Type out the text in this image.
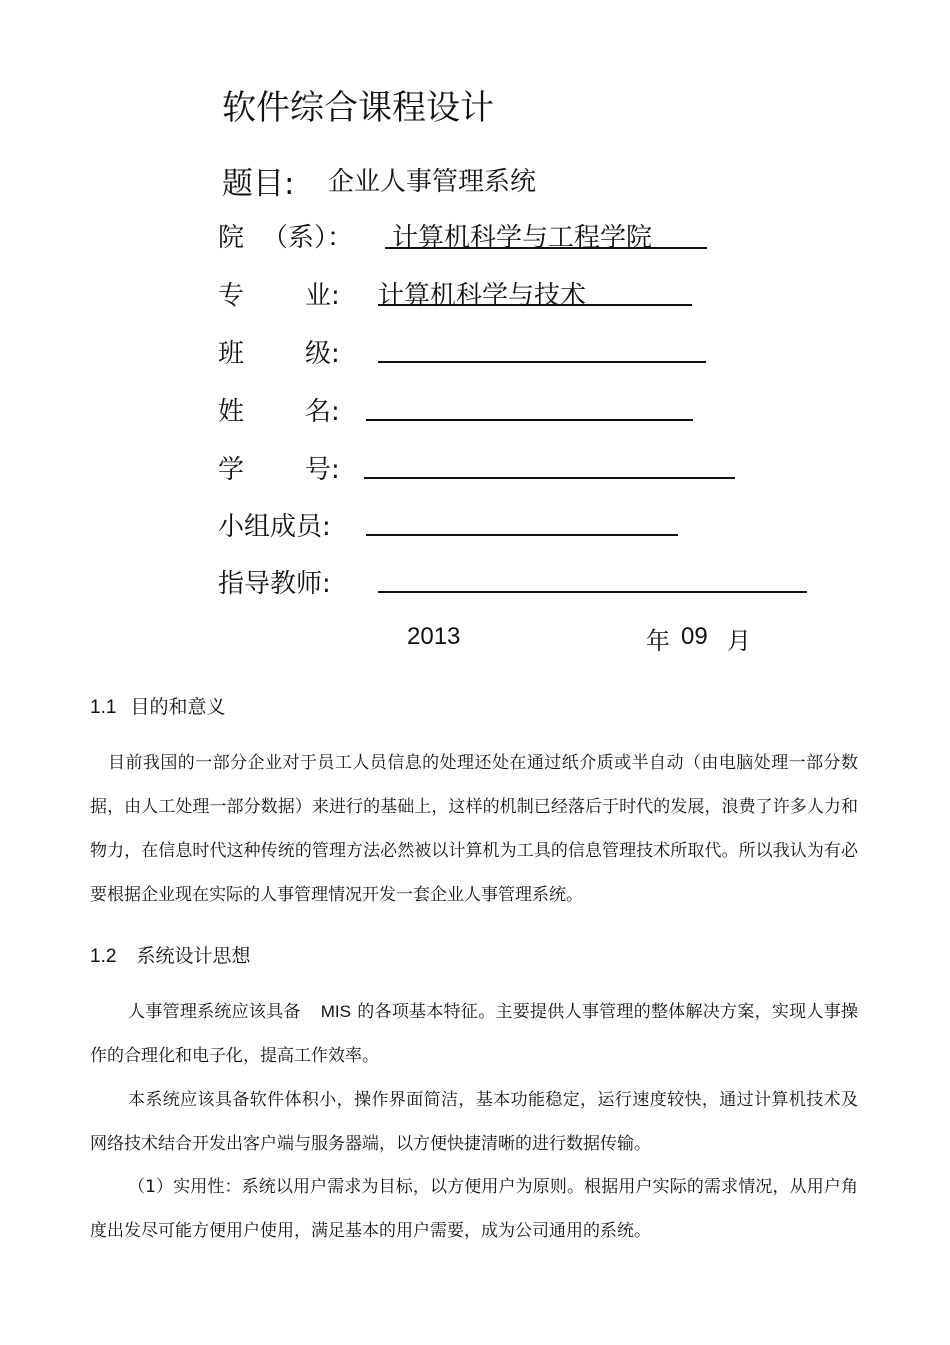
软件综合课程设计
题目: 企业人事管理系统
院 （系）： 计算机科学与工程学院
专 业: 计算机科学与技术
班 级:
姓 名:
学 号:
小组成员:
指导教师:
2013	年 09 月
1.1 目的和意义
目前我国的一部分企业对于员工人员信息的处理还处在通过纸介质或半自动（由电脑处理一部分数据，由人工处理一部分数据）来进行的基础上，这样的机制已经落后于时代的发展，浪费了许多人力和物力，在信息时代这种传统的管理方法必然被以计算机为工具的信息管理技术所取代。所以我认为有必要根据企业现在实际的人事管理情况开发一套企业人事管理系统。
1.2 系统设计思想
人事管理系统应该具备 MIS 的各项基本特征。主要提供人事管理的整体解决方案，实现人事操作的合理化和电子化，提高工作效率。
本系统应该具备软件体积小，操作界面简洁，基本功能稳定，运行速度较快，通过计算机技术及网络技术结合开发出客户端与服务器端，以方便快捷清晰的进行数据传输。
（1）实用性：系统以用户需求为目标，以方便用户为原则。根据用户实际的需求情况，从用户角度出发尽可能方便用户使用，满足基本的用户需要，成为公司通用的系统。
